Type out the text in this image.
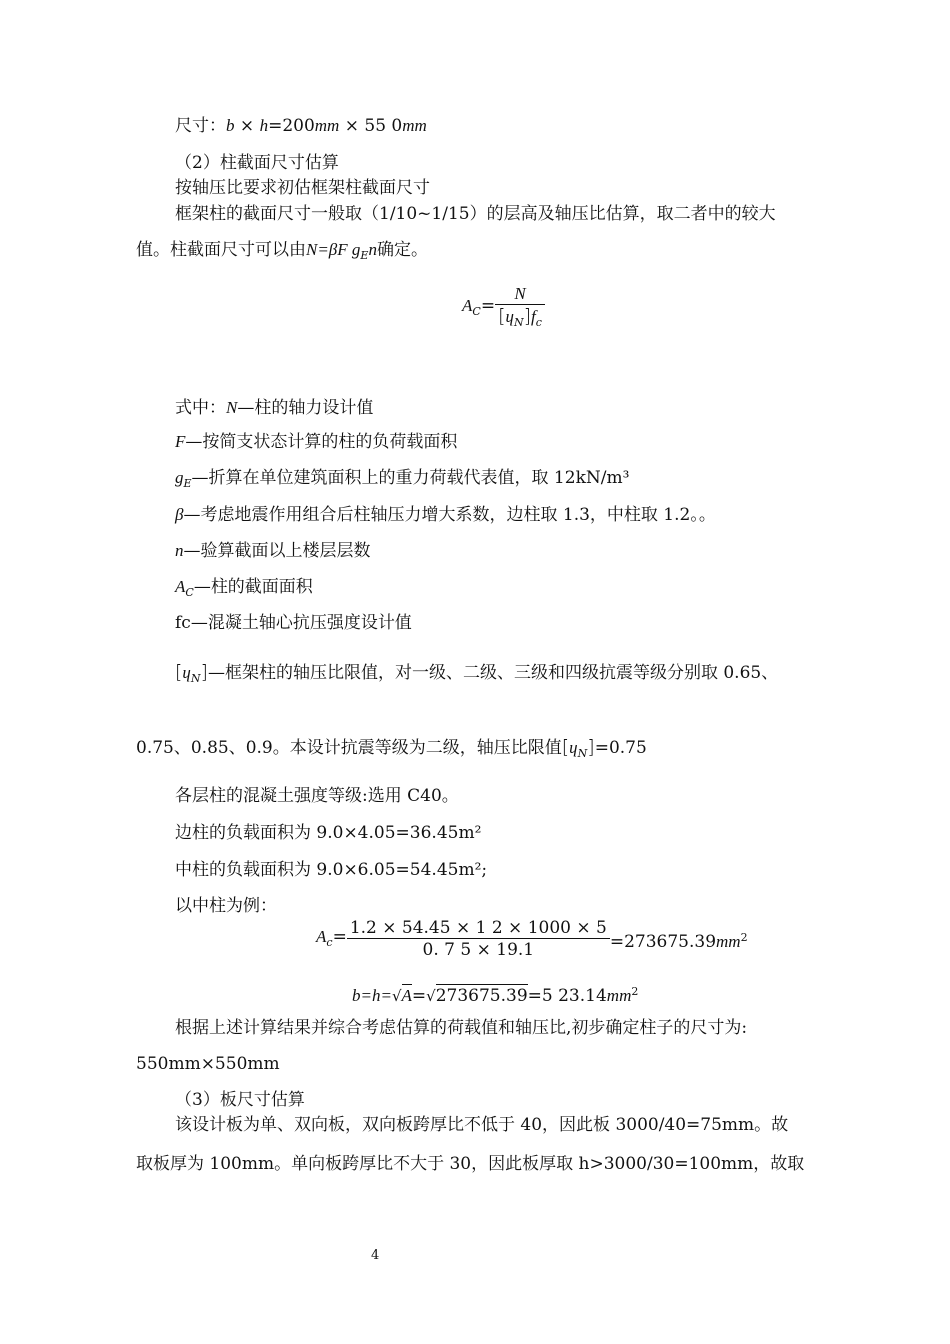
尺寸：b × h=200mm × 55 0mm
（2）柱截面尺寸估算
按轴压比要求初估框架柱截面尺寸
框架柱的截面尺寸一般取（1/10~1/15）的层高及轴压比估算，取二者中的较大
值。柱截面尺寸可以由N=βF $g_En$确定。
$A_C= \frac{N}{[ɥ_N]f_c}$
式中：N—柱的轴力设计值
F—按简支状态计算的柱的负荷载面积
$g_E—$折算在单位建筑面积上的重力荷载代表值，取 12kN/m³
β—考虑地震作用组合后柱轴压力增大系数，边柱取 1.3，中柱取 1.2。。
n—验算截面以上楼层层数
$A_C—$柱的截面面积
fc—混凝土轴心抗压强度设计值
[ɥ$_N$]—框架柱的轴压比限值，对一级、二级、三级和四级抗震等级分别取 0.65、
0.75、0.85、0.9。本设计抗震等级为二级，轴压比限值[ɥ$_N$]=0.75
各层柱的混凝土强度等级:选用 C40。
边柱的负载面积为 9.0×4.05=36.45m²
中柱的负载面积为 9.0×6.05=54.45m²;
以中柱为例：
$A_c= \frac{1.2 \times 54.45 \times 1 2 \times 1000 \times 5}{0. 7 5 \times 19.1} =273675.39mm^2$
b=h=√A=√273675.39=5 $23.14mm^2$
根据上述计算结果并综合考虑估算的荷载值和轴压比,初步确定柱子的尺寸为:
550mm×550mm
（3）板尺寸估算
该设计板为单、双向板，双向板跨厚比不低于 40，因此板 3000/40=75mm。故
取板厚为 100mm。单向板跨厚比不大于 30，因此板厚取 h>3000/30=100mm，故取
4
